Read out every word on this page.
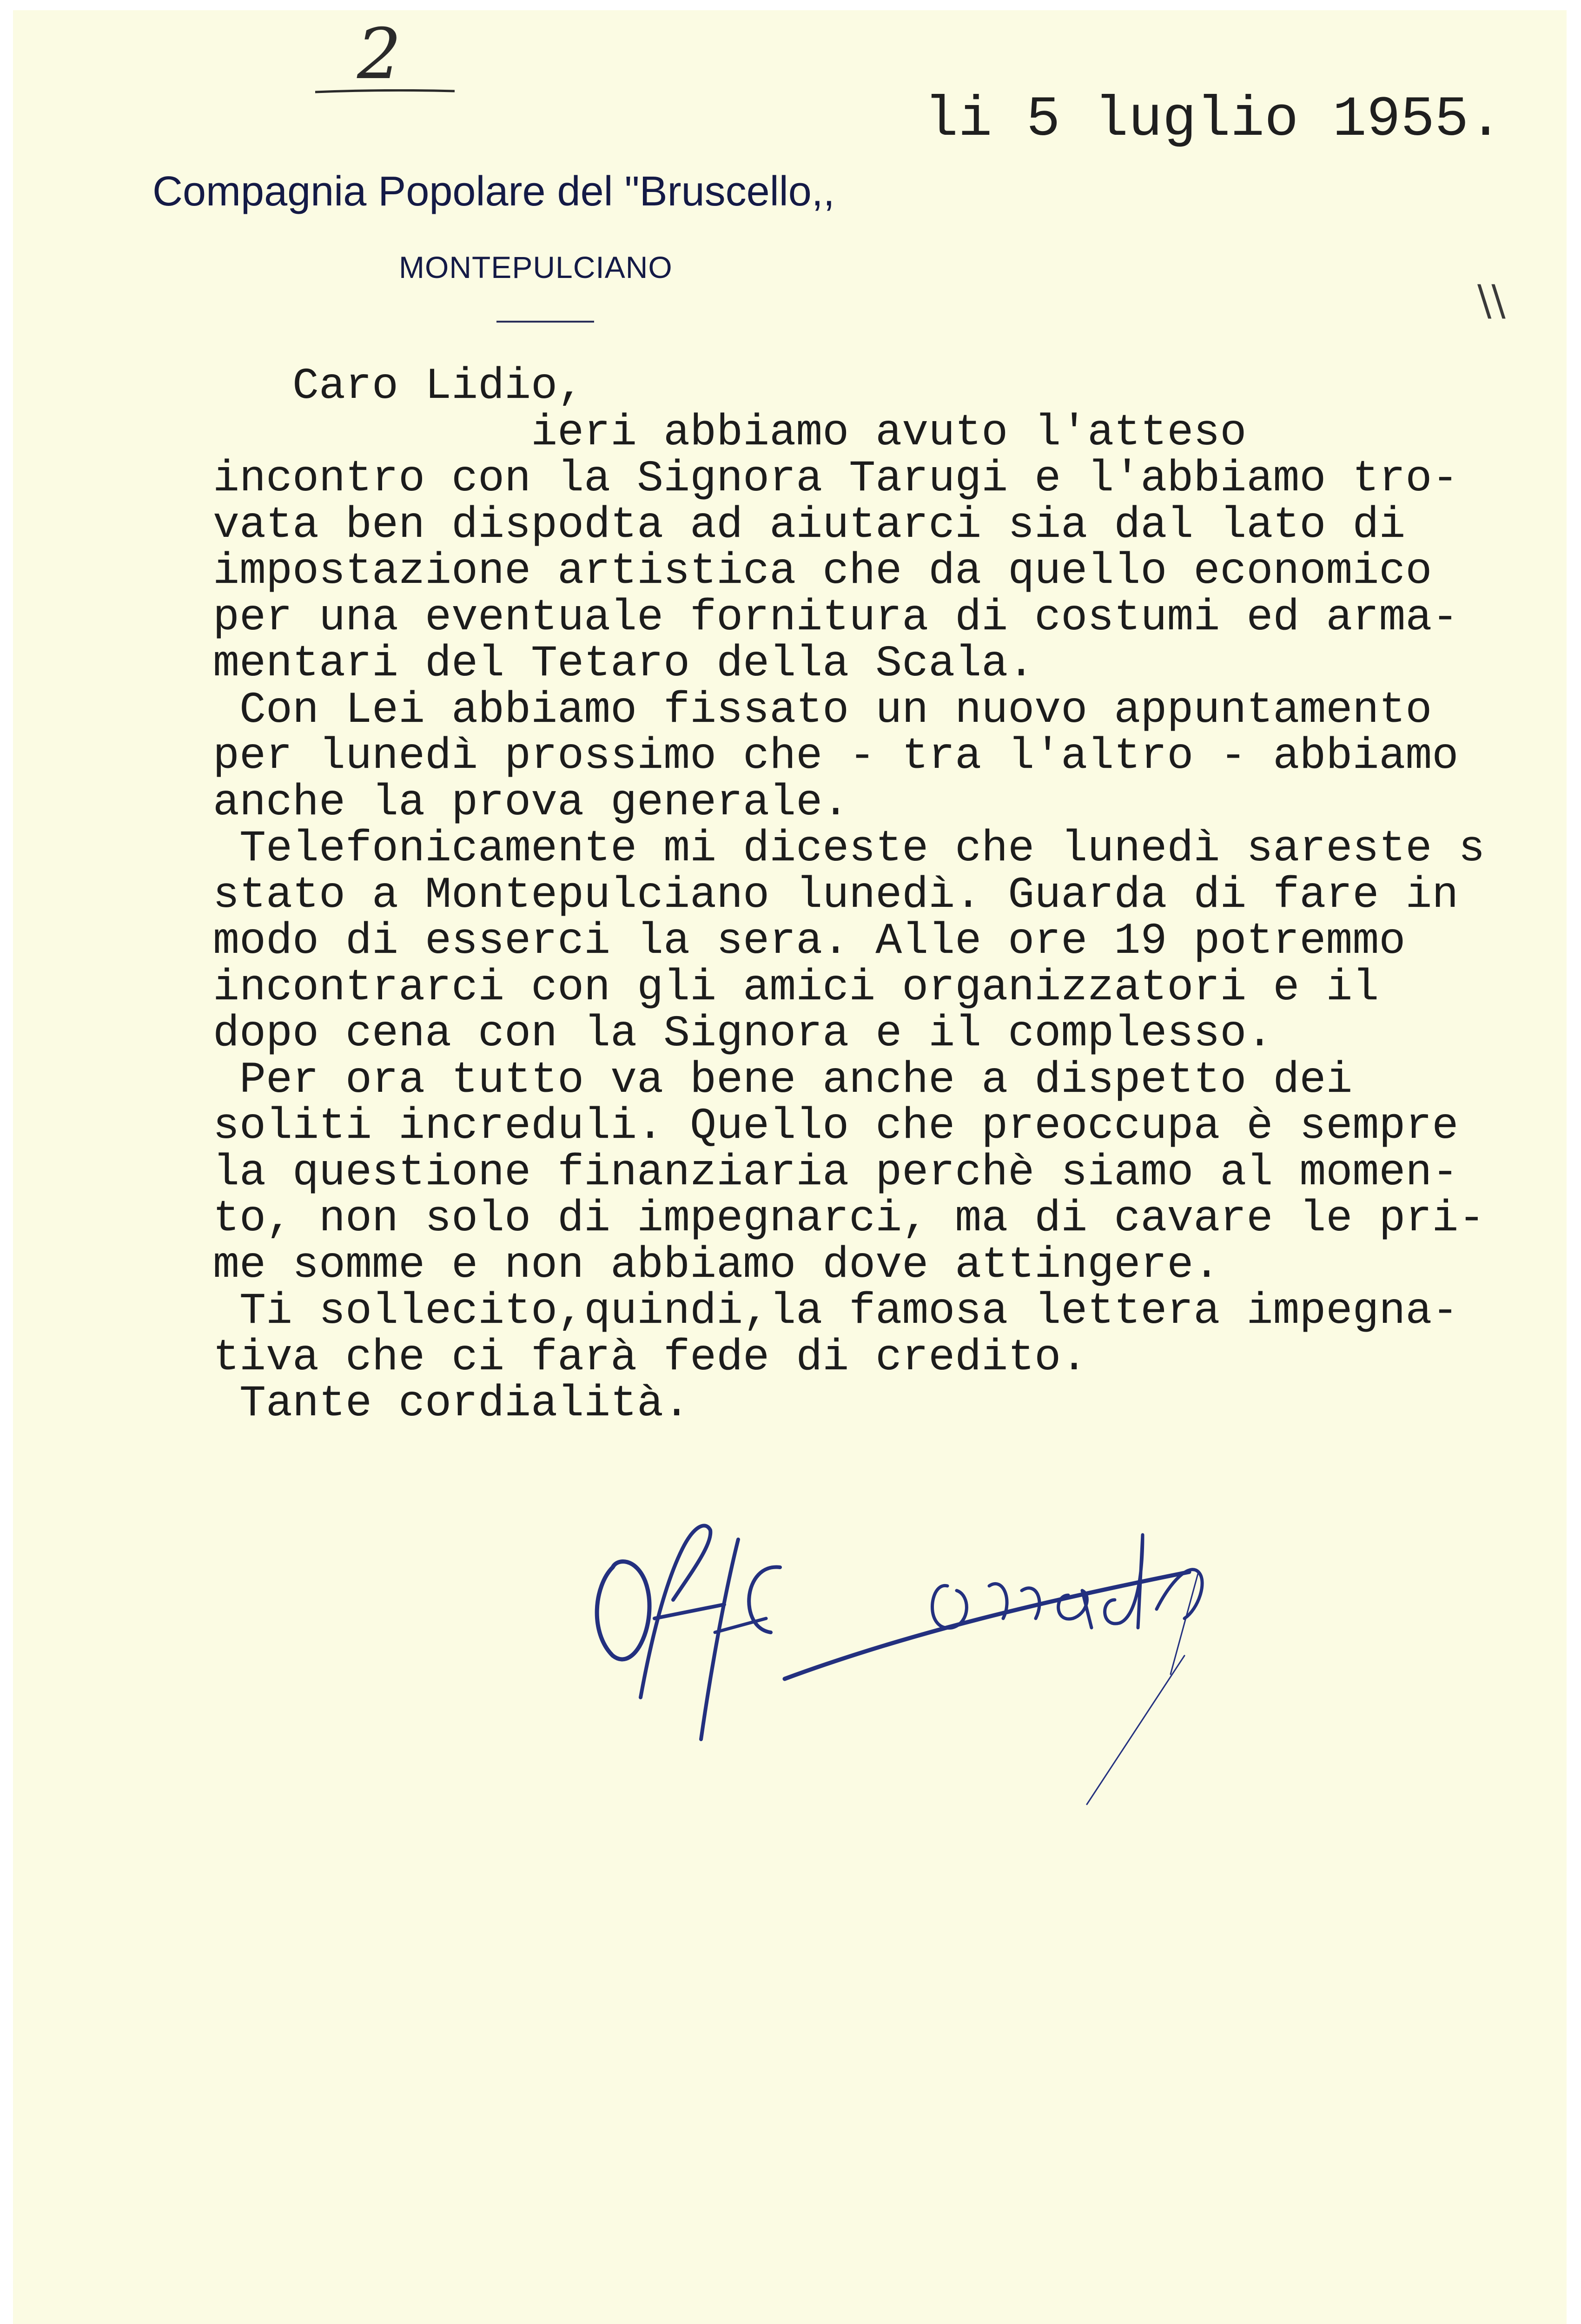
2
li 5 luglio 1955.
Compagnia Popolare del "Bruscello,,
MONTEPULCIANO
\\
Caro Lidio,
ieri abbiamo avuto l'atteso
incontro con la Signora Tarugi e l'abbiamo tro-
vata ben dispodta ad aiutarci sia dal lato di
impostazione artistica che da quello economico
per una eventuale fornitura di costumi ed arma-
mentari del Tetaro della Scala.
Con Lei abbiamo fissato un nuovo appuntamento
per lunedì prossimo che - tra l'altro - abbiamo
anche la prova generale.
Telefonicamente mi diceste che lunedì sareste s
stato a Montepulciano lunedì. Guarda di fare in
modo di esserci la sera. Alle ore 19 potremmo
incontrarci con gli amici organizzatori e il
dopo cena con la Signora e il complesso.
Per ora tutto va bene anche a dispetto dei
soliti increduli. Quello che preoccupa è sempre
la questione finanziaria perchè siamo al momen-
to, non solo di impegnarci, ma di cavare le pri-
me somme e non abbiamo dove attingere.
Ti sollecito,quindi,la famosa lettera impegna-
tiva che ci farà fede di credito.
Tante cordialità.
